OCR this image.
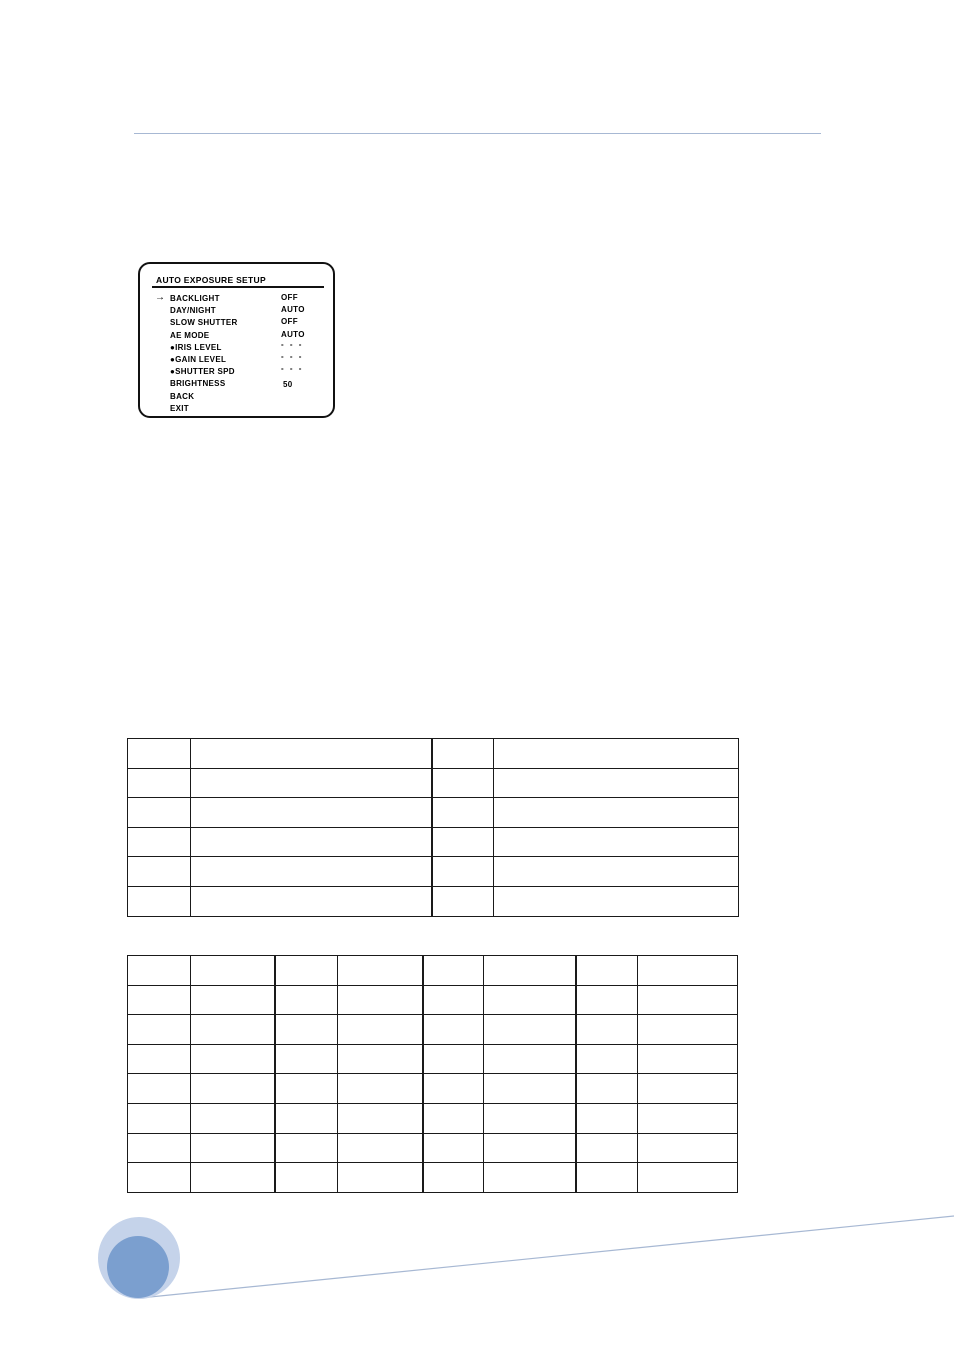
AUTO EXPOSURE SETUP
→ BACKLIGHT	OFF
DAY/NIGHT	AUTO
SLOW SHUTTER	OFF
AE MODE	AUTO
●IRIS LEVEL	- - -
●GAIN LEVEL	- - -
●SHUTTER SPD	- - -
BRIGHTNESS	50
BACK
EXIT
